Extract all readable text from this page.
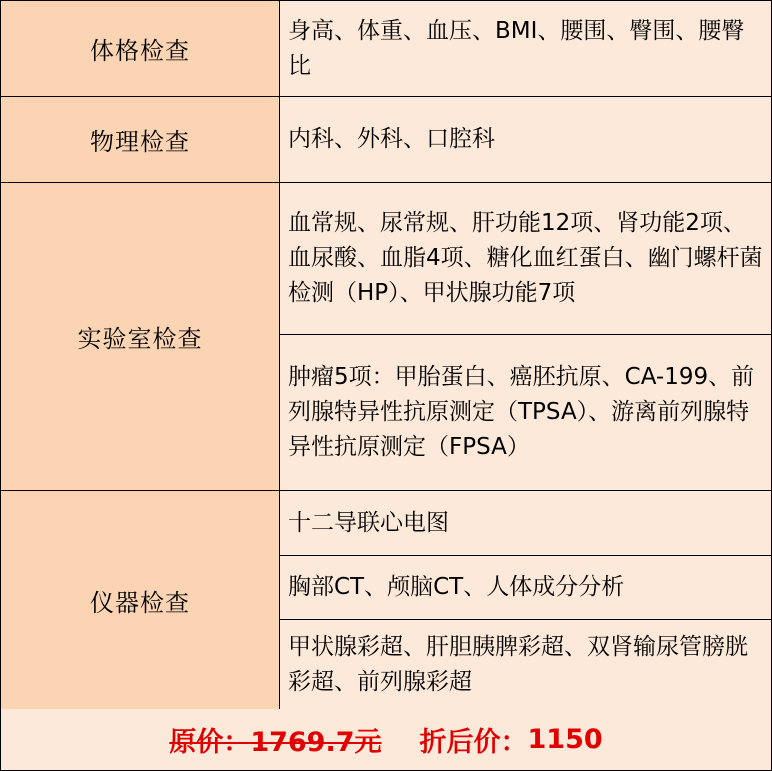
体格检查
身高、体重、血压、BMI、腰围、臀围、腰臀比
物理检查	内科、外科、口腔科
实验室检查
血常规、尿常规、肝功能12项、肾功能2项、血尿酸、血脂4项、糖化血红蛋白、幽门螺杆菌检测（HP）、甲状腺功能7项
肿瘤5项：甲胎蛋白、癌胚抗原、CA-199、前列腺特异性抗原测定（TPSA）、游离前列腺特异性抗原测定（FPSA）
仪器检查
十二导联心电图
胸部CT、颅脑CT、人体成分分析
甲状腺彩超、肝胆胰脾彩超、双肾输尿管膀胱彩超、前列腺彩超
原价：1769.7元 折后价： 1150
